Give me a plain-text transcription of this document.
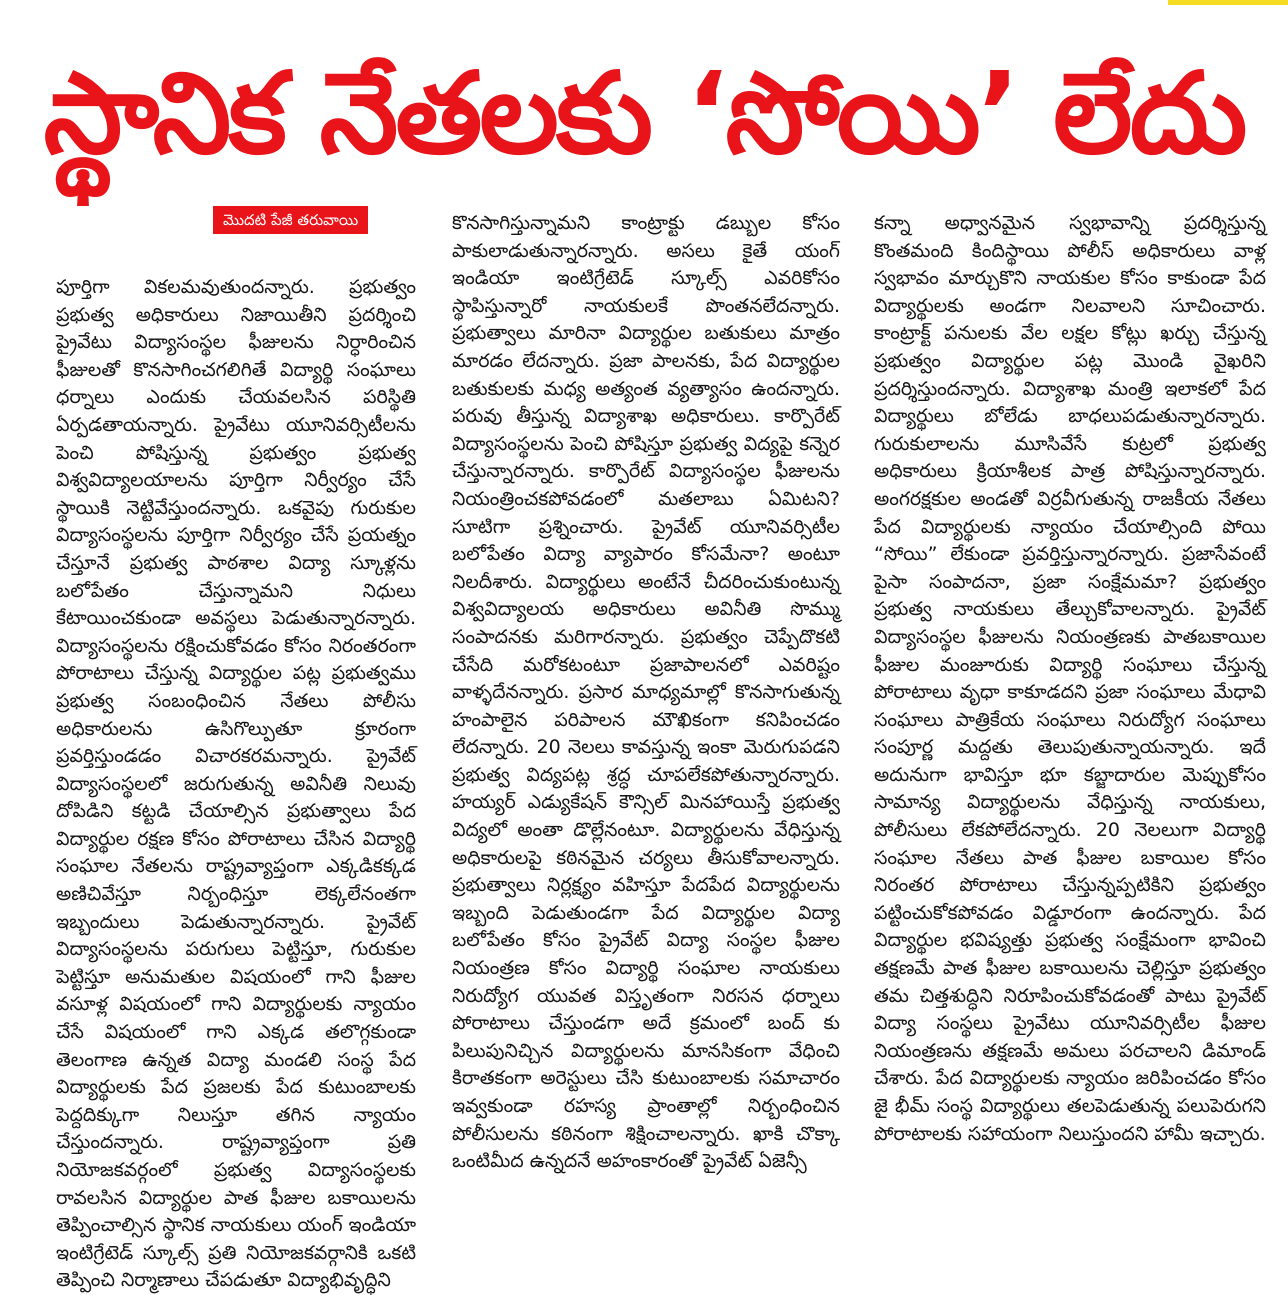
స్థానిక నేతలకు ‘సోయి’ లేదు
మొదటి పేజీ తరువాయి

పూర్తిగా వికలమవుతుందన్నారు. ప్రభుత్వం ప్రభుత్వ అధికారులు నిజాయితీని ప్రదర్శించి ప్రైవేటు విద్యాసంస్థల ఫీజులను నిర్ధారించిన ఫీజులతో కొనసాగించగలిగితే విద్యార్థి సంఘాలు ధర్నాలు ఎందుకు చేయవలసిన పరిస్థితి ఏర్పడతాయన్నారు. ప్రైవేటు యూనివర్సిటీలను పెంచి పోషిస్తున్న ప్రభుత్వం ప్రభుత్వ విశ్వవిద్యాలయాలను పూర్తిగా నిర్వీర్యం చేసే స్థాయికి నెట్టివేస్తుందన్నారు. ఒకవైపు గురుకుల విద్యాసంస్థలను పూర్తిగా నిర్వీర్యం చేసే ప్రయత్నం చేస్తూనే ప్రభుత్వ పాఠశాల విద్యా స్కూళ్లను బలోపేతం చేస్తున్నామని నిధులు కేటాయించకుండా అవస్థలు పెడుతున్నారన్నారు. విద్యాసంస్థలను రక్షించుకోవడం కోసం నిరంతరంగా పోరాటాలు చేస్తున్న విద్యార్థుల పట్ల ప్రభుత్వము ప్రభుత్వ సంబంధించిన నేతలు పోలీసు అధికారులను ఉసిగొల్పుతూ క్రూరంగా ప్రవర్తిస్తుండడం విచారకరమన్నారు. ప్రైవేట్ విద్యాసంస్థలలో జరుగుతున్న అవినీతి నిలువు దోపిడిని కట్టడి చేయాల్సిన ప్రభుత్వాలు పేద విద్యార్థుల రక్షణ కోసం పోరాటాలు చేసిన విద్యార్థి సంఘాల నేతలను రాష్ట్రవ్యాప్తంగా ఎక్కడికక్కడ అణిచివేస్తూ నిర్బంధిస్తూ లెక్కలేనంతగా ఇబ్బందులు పెడుతున్నారన్నారు. ప్రైవేట్ విద్యాసంస్థలను పరుగులు పెట్టిస్తూ, గురుకుల పెట్టిస్తూ అనుమతుల విషయంలో గాని ఫీజుల వసూళ్ల విషయంలో గాని విద్యార్థులకు న్యాయం చేసే విషయంలో గాని ఎక్కడ తలొగ్గకుండా తెలంగాణ ఉన్నత విద్యా మండలి సంస్థ పేద విద్యార్థులకు పేద ప్రజలకు పేద కుటుంబాలకు పెద్దదిక్కుగా నిలుస్తూ తగిన న్యాయం చేస్తుందన్నారు. రాష్ట్రవ్యాప్తంగా ప్రతి నియోజకవర్గంలో ప్రభుత్వ విద్యాసంస్థలకు రావలసిన విద్యార్థుల పాత ఫీజుల బకాయిలను తెప్పించాల్సిన స్థానిక నాయకులు యంగ్ ఇండియా ఇంటిగ్రేటెడ్ స్కూల్స్ ప్రతి నియోజకవర్గానికి ఒకటి తెప్పించి నిర్మాణాలు చేపడుతూ విద్యాభివృద్ధిని

కొనసాగిస్తున్నామని కాంట్రాక్టు డబ్బుల కోసం పాకులాడుతున్నారన్నారు. అసలు కైతే యంగ్ ఇండియా ఇంటిగ్రేటెడ్ స్కూల్స్ ఎవరికోసం స్థాపిస్తున్నారో నాయకులకే పొంతనలేదన్నారు. ప్రభుత్వాలు మారినా విద్యార్థుల బతుకులు మాత్రం మారడం లేదన్నారు. ప్రజా పాలనకు, పేద విద్యార్థుల బతుకులకు మధ్య అత్యంత వ్యత్యాసం ఉందన్నారు. పరువు తీస్తున్న విద్యాశాఖ అధికారులు. కార్పొరేట్ విద్యాసంస్థలను పెంచి పోషిస్తూ ప్రభుత్వ విద్యపై కన్నెర చేస్తున్నారన్నారు. కార్పొరేట్ విద్యాసంస్థల ఫీజులను నియంత్రించకపోవడంలో మతలాబు ఏమిటని? సూటిగా ప్రశ్నించారు. ప్రైవేట్ యూనివర్సిటీల బలోపేతం విద్యా వ్యాపారం కోసమేనా? అంటూ నిలదీశారు. విద్యార్థులు అంటేనే చీదరించుకుంటున్న విశ్వవిద్యాలయ అధికారులు అవినీతి సొమ్ము సంపాదనకు మరిగారన్నారు. ప్రభుత్వం చెప్పేదొకటి చేసేది మరోకటంటూ ప్రజాపాలనలో ఎవరిష్టం వాళ్ళదేనన్నారు. ప్రసార మాధ్యమాల్లో కొనసాగుతున్న హంపాలైన పరిపాలన మౌఖికంగా కనిపించడం లేదన్నారు. 20 నెలలు కావస్తున్న ఇంకా మెరుగుపడని ప్రభుత్వ విద్యపట్ల శ్రద్ధ చూపలేకపోతున్నారన్నారు. హయ్యర్ ఎడ్యుకేషన్ కౌన్సిల్ మినహాయిస్తే ప్రభుత్వ విద్యలో అంతా డొల్లేనంటూ. విద్యార్థులను వేధిస్తున్న అధికారులపై కఠినమైన చర్యలు తీసుకోవాలన్నారు. ప్రభుత్వాలు నిర్లక్ష్యం వహిస్తూ పేదపేద విద్యార్థులను ఇబ్బంది పెడుతుండగా పేద విద్యార్థుల విద్యా బలోపేతం కోసం ప్రైవేట్ విద్యా సంస్థల ఫీజుల నియంత్రణ కోసం విద్యార్థి సంఘాల నాయకులు నిరుద్యోగ యువత విస్తృతంగా నిరసన ధర్నాలు పోరాటాలు చేస్తుండగా అదే క్రమంలో బంద్ కు పిలుపునిచ్చిన విద్యార్థులను మానసికంగా వేధించి కిరాతకంగా అరెస్టులు చేసి కుటుంబాలకు సమాచారం ఇవ్వకుండా రహస్య ప్రాంతాల్లో నిర్బంధించిన పోలీసులను కఠినంగా శిక్షించాలన్నారు. ఖాకి చొక్కా ఒంటిమీద ఉన్నదనే అహంకారంతో ప్రైవేట్ ఏజెన్సీ

కన్నా అధ్వానమైన స్వభావాన్ని ప్రదర్శిస్తున్న కొంతమంది కిందిస్థాయి పోలీస్ అధికారులు వాళ్ల స్వభావం మార్చుకొని నాయకుల కోసం కాకుండా పేద విద్యార్థులకు అండగా నిలవాలని సూచించారు. కాంట్రాక్ట్ పనులకు వేల లక్షల కోట్లు ఖర్చు చేస్తున్న ప్రభుత్వం విద్యార్థుల పట్ల మొండి వైఖరిని ప్రదర్శిస్తుందన్నారు. విద్యాశాఖ మంత్రి ఇలాకలో పేద విద్యార్థులు బోలేడు బాధలుపడుతున్నారన్నారు. గురుకులాలను మూసివేసే కుట్రలో ప్రభుత్వ అధికారులు క్రియాశీలక పాత్ర పోషిస్తున్నారన్నారు. అంగరక్షకుల అండతో విర్రవీగుతున్న రాజకీయ నేతలు పేద విద్యార్థులకు న్యాయం చేయాల్సింది పోయి “సోయి” లేకుండా ప్రవర్తిస్తున్నారన్నారు. ప్రజాసేవంటే పైసా సంపాదనా, ప్రజా సంక్షేమమా? ప్రభుత్వం ప్రభుత్వ నాయకులు తేల్చుకోవాలన్నారు. ప్రైవేట్ విద్యాసంస్థల ఫీజులను నియంత్రణకు పాతబకాయిల ఫీజుల మంజూరుకు విద్యార్థి సంఘాలు చేస్తున్న పోరాటాలు వృధా కాకూడదని ప్రజా సంఘాలు మేధావి సంఘాలు పాత్రికేయ సంఘాలు నిరుద్యోగ సంఘాలు సంపూర్ణ మద్దతు తెలుపుతున్నాయన్నారు. ఇదే అదునుగా భావిస్తూ భూ కబ్జాదారుల మెప్పుకోసం సామాన్య విద్యార్థులను వేధిస్తున్న నాయకులు, పోలీసులు లేకపోలేదన్నారు. 20 నెలలుగా విద్యార్థి సంఘాల నేతలు పాత ఫీజుల బకాయిల కోసం నిరంతర పోరాటాలు చేస్తున్నప్పటికిని ప్రభుత్వం పట్టించుకోకపోవడం విడ్డూరంగా ఉందన్నారు. పేద విద్యార్థుల భవిష్యత్తు ప్రభుత్వ సంక్షేమంగా భావించి తక్షణమే పాత ఫీజుల బకాయిలను చెల్లిస్తూ ప్రభుత్వం తమ చిత్తశుద్ధిని నిరూపించుకోవడంతో పాటు ప్రైవేట్ విద్యా సంస్థలు ప్రైవేటు యూనివర్సిటీల ఫీజుల నియంత్రణను తక్షణమే అమలు పరచాలని డిమాండ్ చేశారు. పేద విద్యార్థులకు న్యాయం జరిపించడం కోసం జై భీమ్ సంస్థ విద్యార్థులు తలపెడుతున్న పలుపెరుగని పోరాటాలకు సహాయంగా నిలుస్తుందని హామీ ఇచ్చారు.
